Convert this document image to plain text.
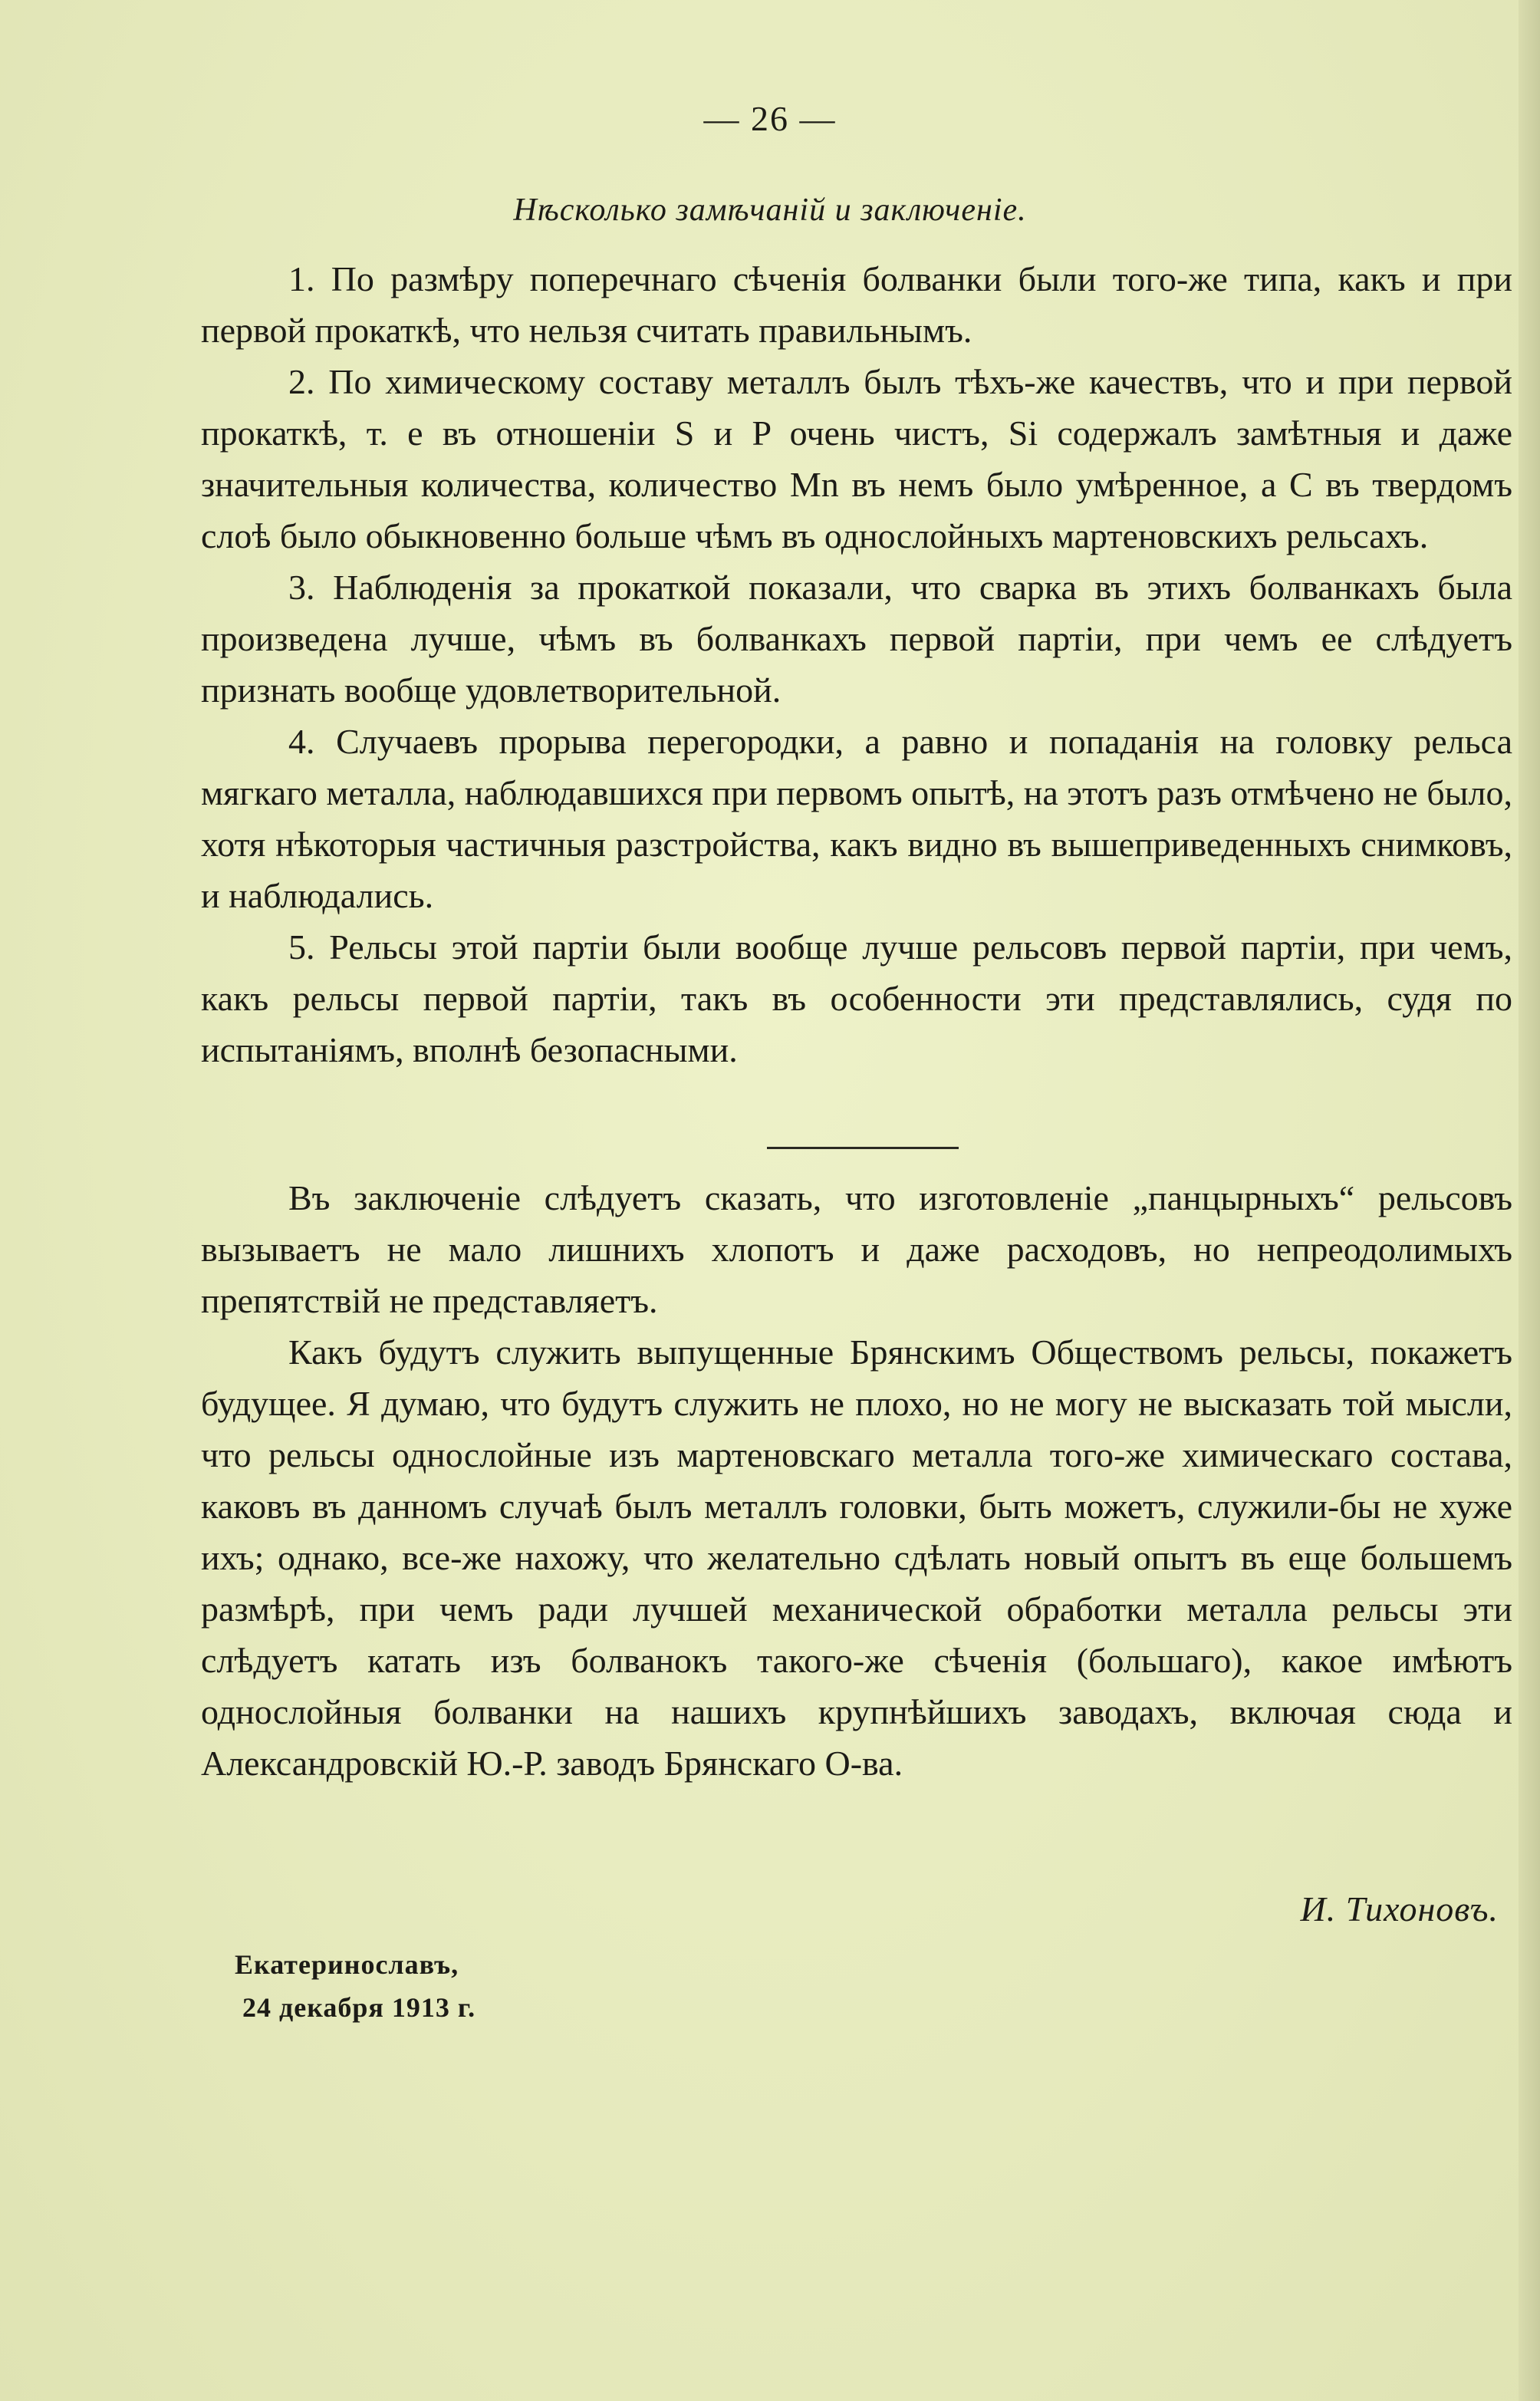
— 26 —
Нѣсколько замѣчаній и заключеніе.

1. По размѣру поперечнаго сѣченія болванки были того-же типа, какъ и при первой прокаткѣ, что нельзя считать правильнымъ.

2. По химическому составу металлъ былъ тѣхъ-же качествъ, что и при первой прокаткѣ, т. е въ отношеніи S и P очень чистъ, Si содержалъ замѣтныя и даже значительныя количества, количество Mn въ немъ было умѣренное, а C въ твердомъ слоѣ было обыкновенно больше чѣмъ въ однослойныхъ мартеновскихъ рельсахъ.

3. Наблюденія за прокаткой показали, что сварка въ этихъ болванкахъ была произведена лучше, чѣмъ въ болванкахъ первой партіи, при чемъ ее слѣдуетъ признать вообще удовлетворительной.

4. Случаевъ прорыва перегородки, а равно и попаданія на головку рельса мягкаго металла, наблюдавшихся при первомъ опытѣ, на этотъ разъ отмѣчено не было, хотя нѣкоторыя частичныя разстройства, какъ видно въ вышеприведенныхъ снимковъ, и наблюдались.

5. Рельсы этой партіи были вообще лучше рельсовъ первой партіи, при чемъ, какъ рельсы первой партіи, такъ въ особенности эти представлялись, судя по испытаніямъ, вполнѣ безопасными.

Въ заключеніе слѣдуетъ сказать, что изготовленіе „панцырныхъ“ рельсовъ вызываетъ не мало лишнихъ хлопотъ и даже расходовъ, но непреодолимыхъ препятствій не представляетъ.

Какъ будутъ служить выпущенные Брянскимъ Обществомъ рельсы, покажетъ будущее. Я думаю, что будутъ служить не плохо, но не могу не высказать той мысли, что рельсы однослойные изъ мартеновскаго металла того-же химическаго состава, каковъ въ данномъ случаѣ былъ металлъ головки, быть можетъ, служили-бы не хуже ихъ; однако, все-же нахожу, что желательно сдѣлать новый опытъ въ еще большемъ размѣрѣ, при чемъ ради лучшей механической обработки металла рельсы эти слѣдуетъ катать изъ болванокъ такого-же сѣченія (большаго), какое имѣютъ однослойныя болванки на нашихъ крупнѣйшихъ заводахъ, включая сюда и Александровскій Ю.-Р. заводъ Брянскаго О-ва.

И. Тихоновъ.
Екатеринославъ,
24 декабря 1913 г.
